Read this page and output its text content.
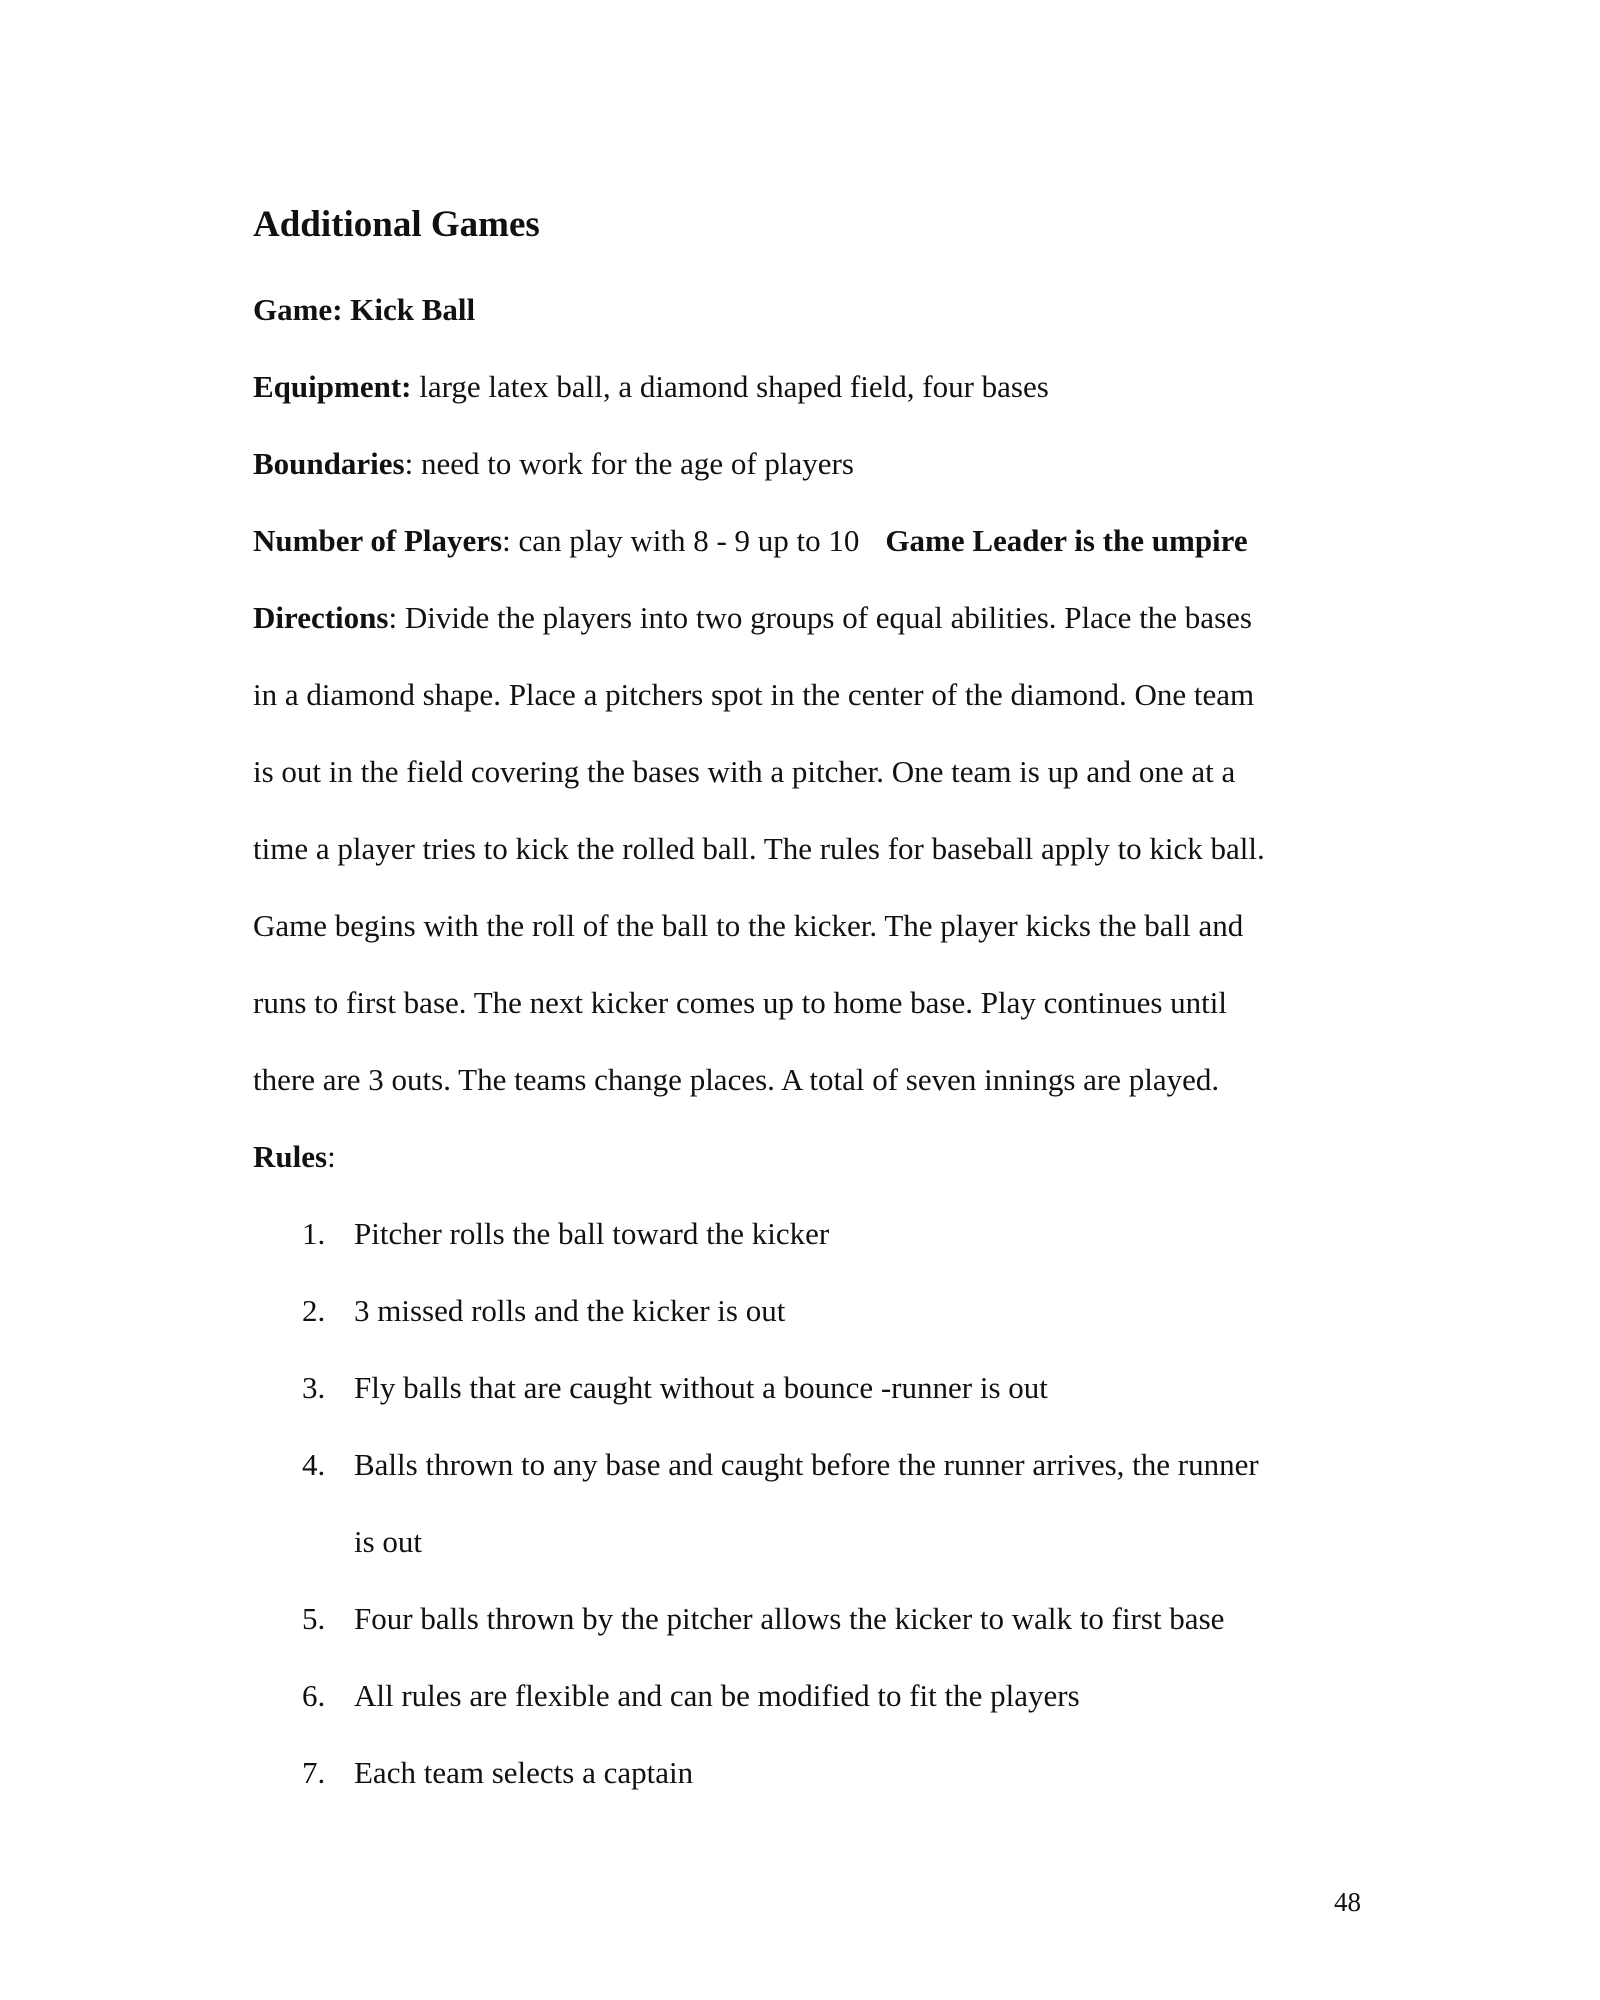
Additional Games
Game: Kick Ball
Equipment: large latex ball, a diamond shaped field, four bases
Boundaries: need to work for the age of players
Number of Players: can play with 8 - 9 up to 10 Game Leader is the umpire
Directions: Divide the players into two groups of equal abilities. Place the bases
in a diamond shape. Place a pitchers spot in the center of the diamond. One team
is out in the field covering the bases with a pitcher. One team is up and one at a
time a player tries to kick the rolled ball. The rules for baseball apply to kick ball.
Game begins with the roll of the ball to the kicker. The player kicks the ball and
runs to first base. The next kicker comes up to home base. Play continues until
there are 3 outs. The teams change places. A total of seven innings are played.
Rules:
1. Pitcher rolls the ball toward the kicker
2. 3 missed rolls and the kicker is out
3. Fly balls that are caught without a bounce -runner is out
4. Balls thrown to any base and caught before the runner arrives, the runner
is out
5. Four balls thrown by the pitcher allows the kicker to walk to first base
6. All rules are flexible and can be modified to fit the players
7. Each team selects a captain
48
